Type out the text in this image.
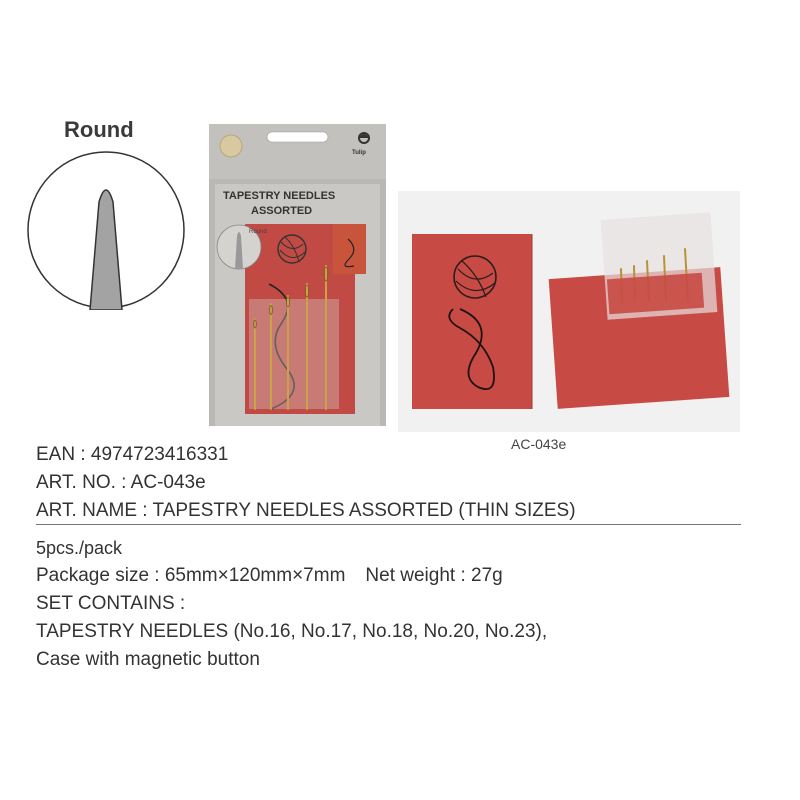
Round
TAPESTRY NEEDLES
ASSORTED
Round
Tulip
AC-043e
EAN : 4974723416331
ART. NO. : AC-043e
ART. NAME : TAPESTRY NEEDLES ASSORTED (THIN SIZES)
5pcs./pack
Package size : 65mm×120mm×7mm Net weight : 27g
SET CONTAINS :
TAPESTRY NEEDLES (No.16, No.17, No.18, No.20, No.23),
Case with magnetic button
